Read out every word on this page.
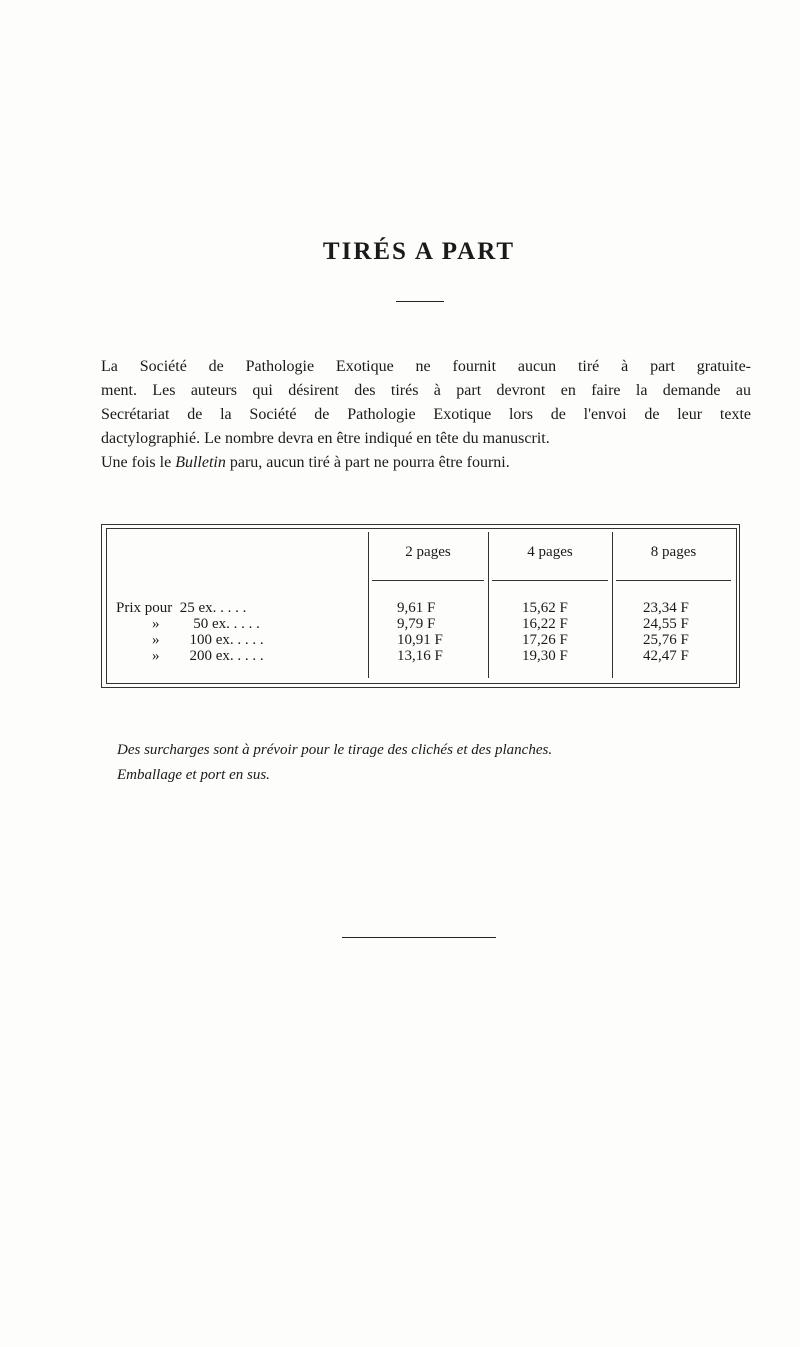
TIRÉS A PART
La Société de Pathologie Exotique ne fournit aucun tiré à part gratuite-
ment. Les auteurs qui désirent des tirés à part devront en faire la demande au
Secrétariat de la Société de Pathologie Exotique lors de l'envoi de leur texte
dactylographié. Le nombre devra en être indiqué en tête du manuscrit.
Une fois le Bulletin paru, aucun tiré à part ne pourra être fourni.
2 pages	4 pages	8 pages
Prix pour  25 ex. . . . .
»         50 ex. . . . .
»        100 ex. . . . .
»        200 ex. . . . .
9,61 F
9,79 F
10,91 F
13,16 F
15,62 F
16,22 F
17,26 F
19,30 F
23,34 F
24,55 F
25,76 F
42,47 F
Des surcharges sont à prévoir pour le tirage des clichés et des planches.
Emballage et port en sus.
